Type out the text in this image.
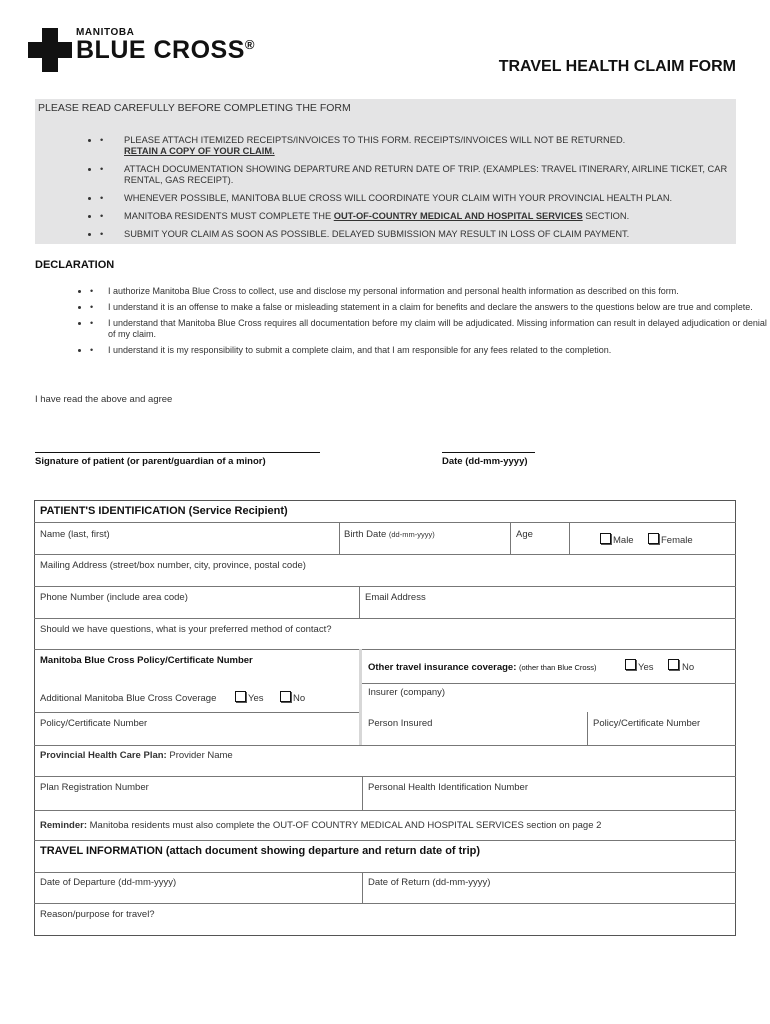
MANITOBA
BLUE CROSS®
TRAVEL HEALTH CLAIM FORM
PLEASE READ CAREFULLY BEFORE COMPLETING THE FORM
• • PLEASE ATTACH ITEMIZED RECEIPTS/INVOICES TO THIS FORM. RECEIPTS/INVOICES WILL NOT BE RETURNED.
RETAIN A COPY OF YOUR CLAIM.
• • ATTACH DOCUMENTATION SHOWING DEPARTURE AND RETURN DATE OF TRIP. (EXAMPLES: TRAVEL ITINERARY, AIRLINE TICKET, CAR RENTAL, GAS RECEIPT).
• • WHENEVER POSSIBLE, MANITOBA BLUE CROSS WILL COORDINATE YOUR CLAIM WITH YOUR PROVINCIAL HEALTH PLAN.
• • MANITOBA RESIDENTS MUST COMPLETE THE OUT-OF-COUNTRY MEDICAL AND HOSPITAL SERVICES SECTION.
• • SUBMIT YOUR CLAIM AS SOON AS POSSIBLE. DELAYED SUBMISSION MAY RESULT IN LOSS OF CLAIM PAYMENT.
DECLARATION
• • I authorize Manitoba Blue Cross to collect, use and disclose my personal information and personal health information as described on this form.
• • I understand it is an offense to make a false or misleading statement in a claim for benefits and declare the answers to the questions below are true and complete.
• • I understand that Manitoba Blue Cross requires all documentation before my claim will be adjudicated. Missing information can result in delayed adjudication or denial of my claim.
• • I understand it is my responsibility to submit a complete claim, and that I am responsible for any fees related to the completion.
I have read the above and agree
Signature of patient (or parent/guardian of a minor)	Date (dd-mm-yyyy)
PATIENT'S IDENTIFICATION (Service Recipient)
Name (last, first)	Birth Date (dd-mm-yyyy)	Age
Male	Female
Mailing Address (street/box number, city, province, postal code)
Phone Number (include area code)	Email Address
Should we have questions, what is your preferred method of contact?
Manitoba Blue Cross Policy/Certificate Number
Other travel insurance coverage: (other than Blue Cross)	Yes	No
Additional Manitoba Blue Cross Coverage	Yes	No
Insurer (company)
Policy/Certificate Number	Person Insured	Policy/Certificate Number
Provincial Health Care Plan: Provider Name
Plan Registration Number	Personal Health Identification Number
Reminder: Manitoba residents must also complete the OUT-OF COUNTRY MEDICAL AND HOSPITAL SERVICES section on page 2
TRAVEL INFORMATION (attach document showing departure and return date of trip)
Date of Departure (dd-mm-yyyy)	Date of Return (dd-mm-yyyy)
Reason/purpose for travel?
